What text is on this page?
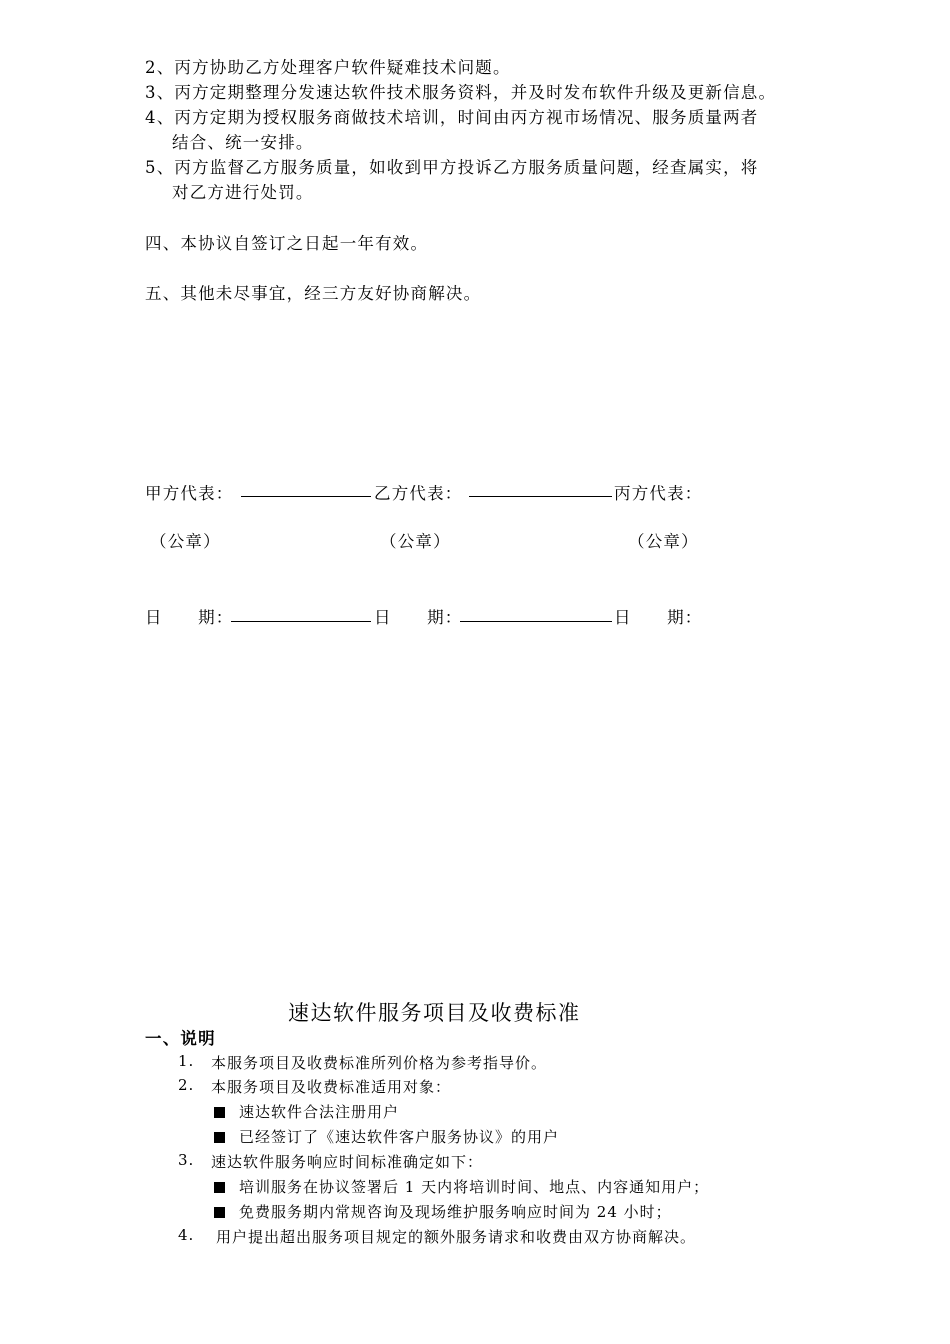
2、丙方协助乙方处理客户软件疑难技术问题。
3、丙方定期整理分发速达软件技术服务资料，并及时发布软件升级及更新信息。
4、丙方定期为授权服务商做技术培训，时间由丙方视市场情况、服务质量两者
结合、统一安排。
5、丙方监督乙方服务质量，如收到甲方投诉乙方服务质量问题，经查属实，将
对乙方进行处罚。
四、本协议自签订之日起一年有效。
五、其他未尽事宜，经三方友好协商解决。
甲方代表：	乙方代表：	丙方代表：
（公章）	（公章）	（公章）
日　　期：	日　　期：	日　　期：
速达软件服务项目及收费标准
一、说明
1. 本服务项目及收费标准所列价格为参考指导价。
2. 本服务项目及收费标准适用对象：
速达软件合法注册用户
已经签订了《速达软件客户服务协议》的用户
3. 速达软件服务响应时间标准确定如下：
培训服务在协议签署后 1 天内将培训时间、地点、内容通知用户；
免费服务期内常规咨询及现场维护服务响应时间为 24 小时；
4. 用户提出超出服务项目规定的额外服务请求和收费由双方协商解决。
